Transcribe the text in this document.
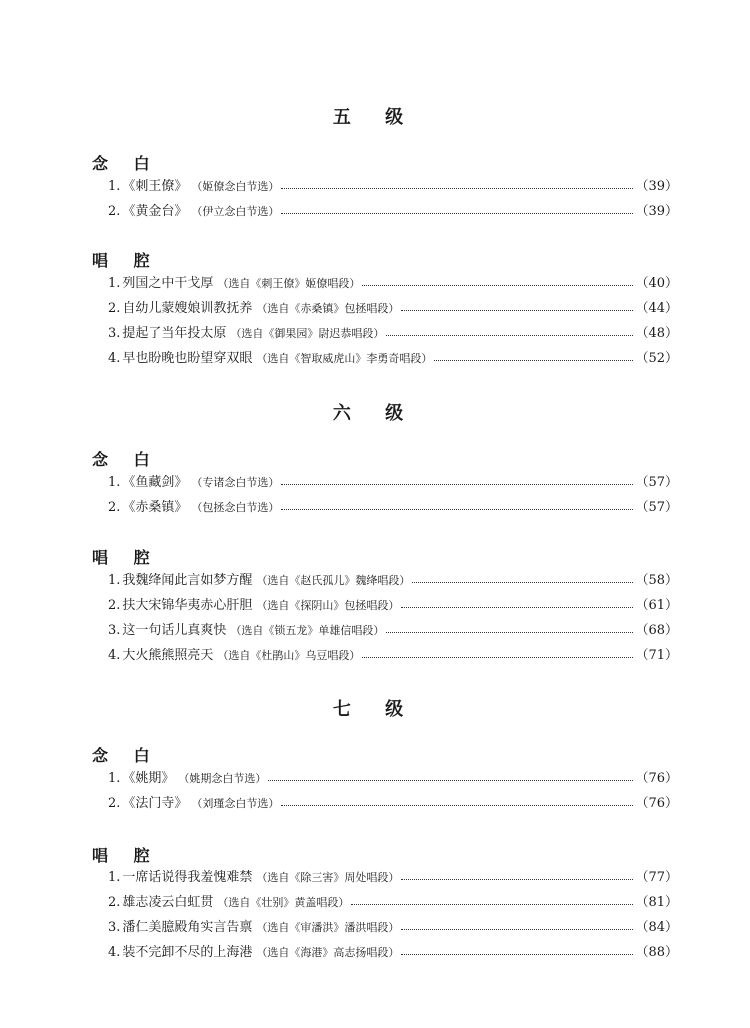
五 级
念 白
1. 《刺王僚》 （姬僚念白节选）	（39）
2. 《黄金台》 （伊立念白节选）	（39）
唱 腔
1. 列国之中干戈厚 （选自《刺王僚》姬僚唱段）	（40）
2. 自幼儿蒙嫂娘训教抚养 （选自《赤桑镇》包拯唱段）	（44）
3. 提起了当年投太原 （选自《御果园》尉迟恭唱段）	（48）
4. 早也盼晚也盼望穿双眼 （选自《智取威虎山》李勇奇唱段）	（52）
六 级
念 白
1. 《鱼藏剑》 （专诸念白节选）	（57）
2. 《赤桑镇》 （包拯念白节选）	（57）
唱 腔
1. 我魏绛闻此言如梦方醒 （选自《赵氏孤儿》魏绛唱段）	（58）
2. 扶大宋锦华夷赤心肝胆 （选自《探阴山》包拯唱段）	（61）
3. 这一句话儿真爽快 （选自《锁五龙》单雄信唱段）	（68）
4. 大火熊熊照亮天 （选自《杜鹃山》乌豆唱段）	（71）
七 级
念 白
1. 《姚期》 （姚期念白节选）	（76）
2. 《法门寺》 （刘瑾念白节选）	（76）
唱 腔
1. 一席话说得我羞愧难禁 （选自《除三害》周处唱段）	（77）
2. 雄志凌云白虹贯 （选自《壮别》黄盖唱段）	（81）
3. 潘仁美臆殿角实言告禀 （选自《审潘洪》潘洪唱段）	（84）
4. 装不完卸不尽的上海港 （选自《海港》高志扬唱段）	（88）
